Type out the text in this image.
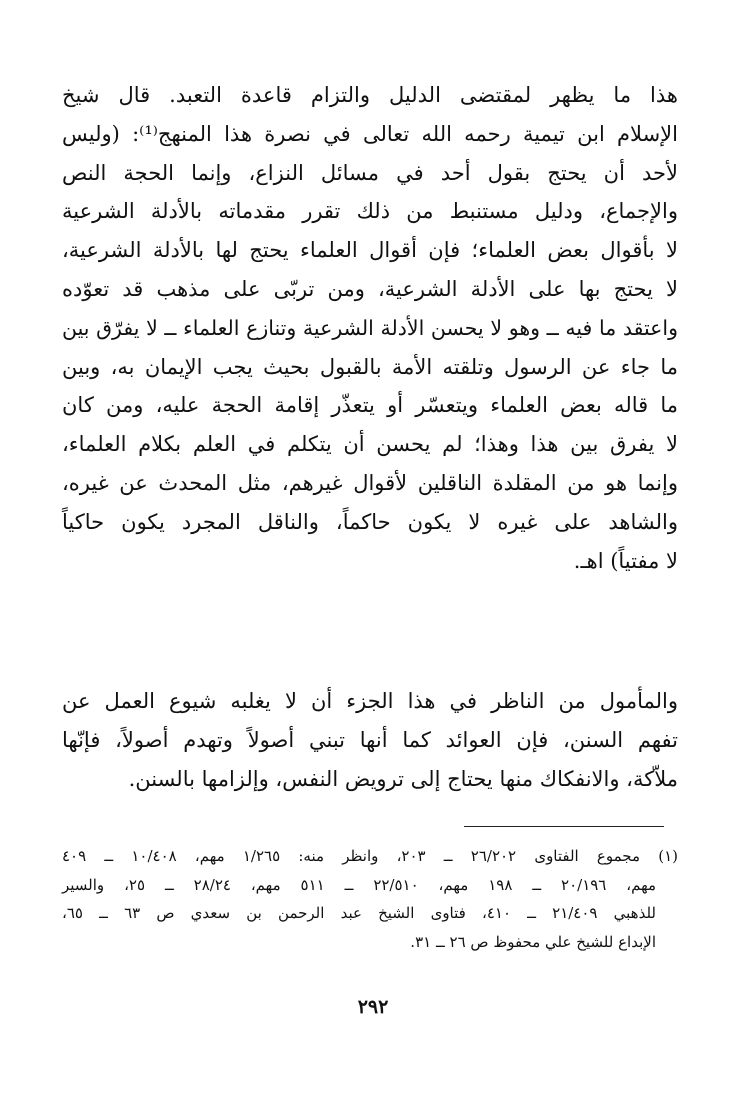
هذا ما يظهر لمقتضى الدليل والتزام قاعدة التعبد. قال شيخ
الإسلام ابن تيمية رحمه الله تعالى في نصرة هذا المنهج⁽¹⁾: (وليس
لأحد أن يحتج بقول أحد في مسائل النزاع، وإنما الحجة النص
والإجماع، ودليل مستنبط من ذلك تقرر مقدماته بالأدلة الشرعية
لا بأقوال بعض العلماء؛ فإن أقوال العلماء يحتج لها بالأدلة الشرعية،
لا يحتج بها على الأدلة الشرعية، ومن تربّى على مذهب قد تعوّده
واعتقد ما فيه ــ وهو لا يحسن الأدلة الشرعية وتنازع العلماء ــ لا يفرّق بين
ما جاء عن الرسول وتلقته الأمة بالقبول بحيث يجب الإيمان به، وبين
ما قاله بعض العلماء ويتعسّر أو يتعذّر إقامة الحجة عليه، ومن كان
لا يفرق بين هذا وهذا؛ لم يحسن أن يتكلم في العلم بكلام العلماء،
وإنما هو من المقلدة الناقلين لأقوال غيرهم، مثل المحدث عن غيره،
والشاهد على غيره لا يكون حاكماً، والناقل المجرد يكون حاكياً
لا مفتياً) اهـ.
والمأمول من الناظر في هذا الجزء أن لا يغلبه شيوع العمل عن
تفهم السنن، فإن العوائد كما أنها تبني أصولاً وتهدم أصولاً، فإنّها
ملاّكة، والانفكاك منها يحتاج إلى ترويض النفس، وإلزامها بالسنن.
(١) مجموع الفتاوى ٢٦/٢٠٢ ــ ٢٠٣، وانظر منه: ١/٢٦٥ مهم، ١٠/٤٠٨ ــ ٤٠٩
مهم، ٢٠/١٩٦ ــ ١٩٨ مهم، ٢٢/٥١٠ ــ ٥١١ مهم، ٢٨/٢٤ ــ ٢٥، والسير
للذهبي ٢١/٤٠٩ ــ ٤١٠، فتاوى الشيخ عبد الرحمن بن سعدي ص ٦٣ ــ ٦٥،
الإبداع للشيخ علي محفوظ ص ٢٦ ــ ٣١.
٢٩٢
